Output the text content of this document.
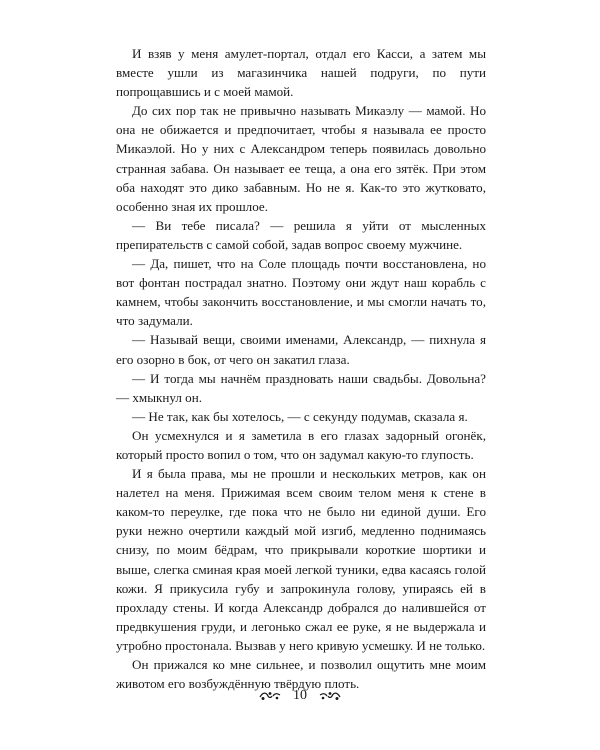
И взяв у меня амулет-портал, отдал его Касси, а затем мы вместе ушли из магазинчика нашей подруги, по пути попрощавшись и с моей мамой.

До сих пор так не привычно называть Микаэлу — мамой. Но она не обижается и предпочитает, чтобы я называла ее просто Микаэлой. Но у них с Александром теперь появилась довольно странная забава. Он называет ее теща, а она его зятёк. При этом оба находят это дико забавным. Но не я. Как-то это жутковато, особенно зная их прошлое.

— Ви тебе писала? — решила я уйти от мысленных препирательств с самой собой, задав вопрос своему мужчине.

— Да, пишет, что на Соле площадь почти восстановлена, но вот фонтан пострадал знатно. Поэтому они ждут наш корабль с камнем, чтобы закончить восстановление, и мы смогли начать то, что задумали.

— Называй вещи, своими именами, Александр, — пихнула я его озорно в бок, от чего он закатил глаза.

— И тогда мы начнём праздновать наши свадьбы. Довольна? — хмыкнул он.

— Не так, как бы хотелось, — с секунду подумав, сказала я.

Он усмехнулся и я заметила в его глазах задорный огонёк, который просто вопил о том, что он задумал какую-то глупость.

И я была права, мы не прошли и нескольких метров, как он налетел на меня. Прижимая всем своим телом меня к стене в каком-то переулке, где пока что не было ни единой души. Его руки нежно очертили каждый мой изгиб, медленно поднимаясь снизу, по моим бёдрам, что прикрывали короткие шортики и выше, слегка сминая края моей легкой туники, едва касаясь голой кожи. Я прикусила губу и запрокинула голову, упираясь ей в прохладу стены. И когда Александр добрался до налившейся от предвкушения груди, и легонько сжал ее руке, я не выдержала и утробно простонала. Вызвав у него кривую усмешку. И не только.

Он прижался ко мне сильнее, и позволил ощутить мне моим животом его возбуждённую твёрдую плоть.

10
